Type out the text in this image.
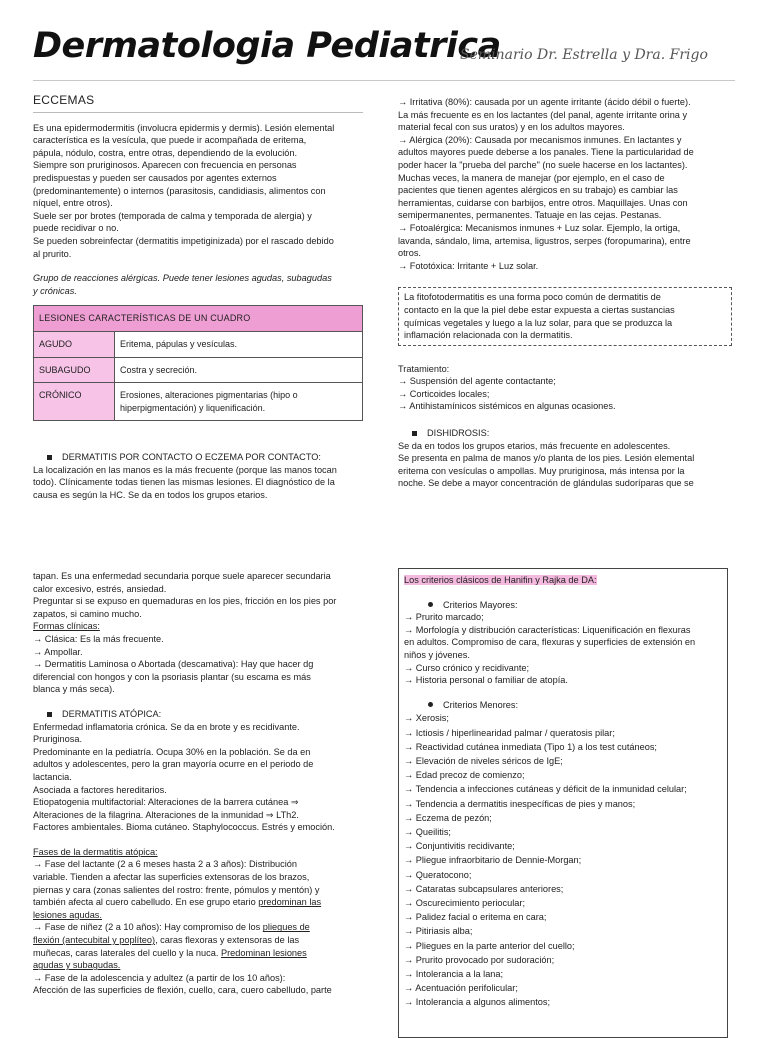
Dermatologia Pediatrica
Seminario Dr. Estrella y Dra. Frigo
ECCEMAS

Es una epidermodermitis (involucra epidermis y dermis). Lesión elemental

característica es la vesícula, que puede ir acompañada de eritema,

pápula, nódulo, costra, entre otras, dependiendo de la evolución.

Siempre son pruriginosos. Aparecen con frecuencia en personas

predispuestas y pueden ser causados por agentes externos

(predominantemente) o internos (parasitosis, candidiasis, alimentos con

níquel, entre otros).

Suele ser por brotes (temporada de calma y temporada de alergia) y

puede recidivar o no.

Se pueden sobreinfectar (dermatitis impetiginizada) por el rascado debido

al prurito.

Grupo de reacciones alérgicas. Puede tener lesiones agudas, subagudas

y crónicas.

LESIONES CARACTERÍSTICAS DE UN CUADRO	
AGUDO	Eritema, pápulas y vesículas.
SUBAGUDO	Costra y secreción.
CRÓNICO	Erosiones, alteraciones pigmentarias (hipo o hiperpigmentación) y liquenificación.

DERMATITIS POR CONTACTO O ECZEMA POR CONTACTO:

La localización en las manos es la más frecuente (porque las manos tocan

todo). Clínicamente todas tienen las mismas lesiones. El diagnóstico de la

causa es según la HC. Se da en todos los grupos etarios.

→ Irritativa (80%): causada por un agente irritante (ácido débil o fuerte).

La más frecuente es en los lactantes (del panal, agente irritante orina y

material fecal con sus uratos) y en los adultos mayores.

→ Alérgica (20%): Causada por mecanismos inmunes. En lactantes y

adultos mayores puede deberse a los panales. Tiene la particularidad de

poder hacer la "prueba del parche" (no suele hacerse en los lactantes).

Muchas veces, la manera de manejar (por ejemplo, en el caso de

pacientes que tienen agentes alérgicos en su trabajo) es cambiar las

herramientas, cuidarse con barbijos, entre otros. Maquillajes. Unas con

semipermanentes, permanentes. Tatuaje en las cejas. Pestanas.

→ Fotoalérgica: Mecanismos inmunes + Luz solar. Ejemplo, la ortiga,

lavanda, sándalo, lima, artemisa, ligustros, serpes (foropumarina), entre

otros.

→ Fototóxica: Irritante + Luz solar.

La fitofotodermatitis es una forma poco común de dermatitis de

contacto en la que la piel debe estar expuesta a ciertas sustancias

químicas vegetales y luego a la luz solar, para que se produzca la

inflamación relacionada con la dermatitis.

Tratamiento:

→ Suspensión del agente contactante;

→ Corticoides locales;

→ Antihistamínicos sistémicos en algunas ocasiones.

DISHIDROSIS:

Se da en todos los grupos etarios, más frecuente en adolescentes.

Se presenta en palma de manos y/o planta de los pies. Lesión elemental

eritema con vesículas o ampollas. Muy pruriginosa, más intensa por la

noche. Se debe a mayor concentración de glándulas sudoríparas que se

tapan. Es una enfermedad secundaria porque suele aparecer secundaria

calor excesivo, estrés, ansiedad.

Preguntar si se expuso en quemaduras en los pies, fricción en los pies por

zapatos, si camino mucho.

Formas clínicas:

→ Clásica: Es la más frecuente.

→ Ampollar.

→ Dermatitis Laminosa o Abortada (descamativa): Hay que hacer dg

diferencial con hongos y con la psoriasis plantar (su escama es más

blanca y más seca).

DERMATITIS ATÓPICA:

Enfermedad inflamatoria crónica. Se da en brote y es recidivante.

Pruriginosa.

Predominante en la pediatría. Ocupa 30% en la población. Se da en

adultos y adolescentes, pero la gran mayoría ocurre en el periodo de

lactancia.

Asociada a factores hereditarios.

Etiopatogenia multifactorial: Alteraciones de la barrera cutánea ⇒

Alteraciones de la filagrina. Alteraciones de la inmunidad ⇒ LTh2.

Factores ambientales. Bioma cutáneo. Staphylococcus. Estrés y emoción.

Fases de la dermatitis atópica:

→ Fase del lactante (2 a 6 meses hasta 2 a 3 años): Distribución

variable. Tienden a afectar las superficies extensoras de los brazos,

piernas y cara (zonas salientes del rostro: frente, pómulos y mentón) y

también afecta al cuero cabelludo. En ese grupo etario predominan las

lesiones agudas.

→ Fase de niñez (2 a 10 años): Hay compromiso de los pliegues de

flexión (antecubital y poplíteo), caras flexoras y extensoras de las

muñecas, caras laterales del cuello y la nuca. Predominan lesiones

agudas y subagudas.

→ Fase de la adolescencia y adultez (a partir de los 10 años):

Afección de las superficies de flexión, cuello, cara, cuero cabelludo, parte

Los criterios clásicos de Hanifin y Rajka de DA:

Criterios Mayores:

→ Prurito marcado;

→ Morfología y distribución características: Liquenificación en flexuras

en adultos. Compromiso de cara, flexuras y superficies de extensión en

niños y jóvenes.

→ Curso crónico y recidivante;

→ Historia personal o familiar de atopía.

Criterios Menores:

→ Xerosis;

→ Ictiosis / hiperlinearidad palmar / queratosis pilar;

→ Reactividad cutánea inmediata (Tipo 1) a los test cutáneos;

→ Elevación de niveles séricos de IgE;

→ Edad precoz de comienzo;

→ Tendencia a infecciones cutáneas y déficit de la inmunidad celular;

→ Tendencia a dermatitis inespecíficas de pies y manos;

→ Eczema de pezón;

→ Queilitis;

→ Conjuntivitis recidivante;

→ Pliegue infraorbitario de Dennie-Morgan;

→ Queratocono;

→ Cataratas subcapsulares anteriores;

→ Oscurecimiento periocular;

→ Palidez facial o eritema en cara;

→ Pitiriasis alba;

→ Pliegues en la parte anterior del cuello;

→ Prurito provocado por sudoración;

→ Intolerancia a la lana;

→ Acentuación perifolicular;

→ Intolerancia a algunos alimentos;
